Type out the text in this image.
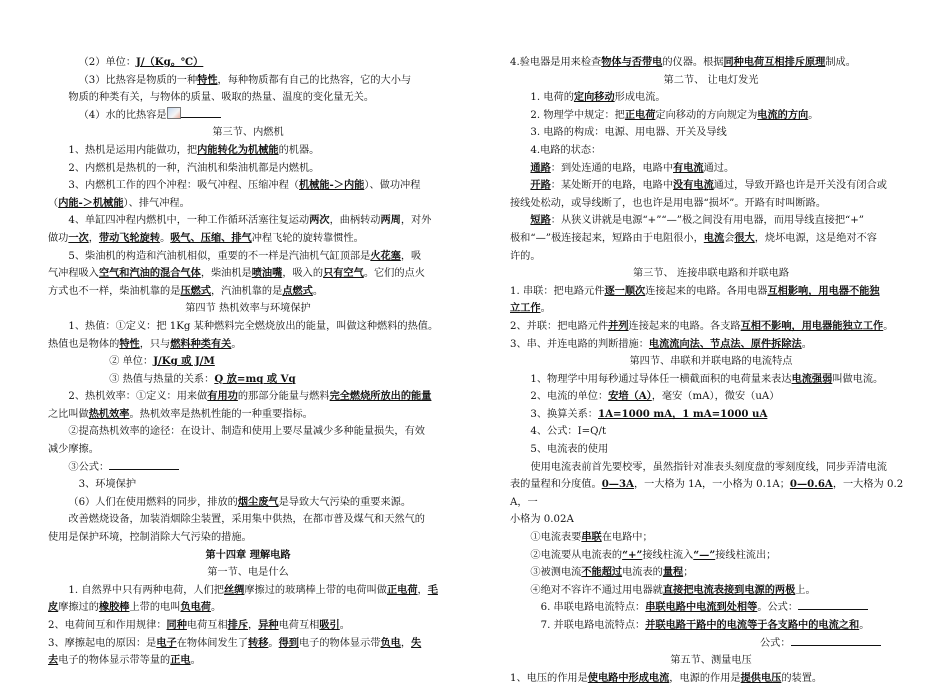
（2）单位：J/（Kg。℃）

（3）比热容是物质的一种特性，每种物质都有自己的比热容，它的大小与

物质的种类有关，与物体的质量、吸取的热量、温度的变化量无关。

（4）水的比热容是

第三节、内燃机

1、热机是运用内能做功，把内能转化为机械能的机器。

2、内燃机是热机的一种，汽油机和柴油机都是内燃机。

3、内燃机工作的四个冲程：吸气冲程、压缩冲程（机械能-＞内能）、做功冲程

（内能-＞机械能）、排气冲程。

4、单缸四冲程内燃机中，一种工作循环活塞往复运动两次，曲柄转动两周，对外

做功一次，带动飞轮旋转。吸气、压缩、排气冲程飞轮的旋转靠惯性。

5、柴油机的构造和汽油机相似，重要的不一样是汽油机气缸顶部是火花塞，吸

气冲程吸入空气和汽油的混合气体，柴油机是喷油嘴，吸入的只有空气。它们的点火

方式也不一样，柴油机靠的是压燃式，汽油机靠的是点燃式。

第四节 热机效率与环境保护

1、热值：①定义：把 1Kg 某种燃料完全燃烧放出的能量，叫做这种燃料的热值。

热值也是物体的特性，只与燃料种类有关。

② 单位：J/Kg 或 J/M

③ 热值与热量的关系：Q 放=mq 或 Vq

2、热机效率：①定义：用来做有用功的那部分能量与燃料完全燃烧所放出的能量

之比叫做热机效率。热机效率是热机性能的一种重要指标。

②提高热机效率的途径：在设计、制造和使用上要尽量减少多种能量损失，有效

减少摩擦。

③公式：

3、环境保护

（6）人们在使用燃料的同步，排放的烟尘废气是导致大气污染的重要来源。

改善燃烧设备，加装消烟除尘装置，采用集中供热，在都市普及煤气和天然气的

使用是保护环境，控制消除大气污染的措施。

第十四章 理解电路

第一节、电是什么

1. 自然界中只有两种电荷，人们把丝绸摩擦过的玻璃棒上带的电荷叫做正电荷，毛

皮摩擦过的橡胶棒上带的电叫负电荷。

2、电荷间互和作用规律：同种电荷互相排斥，异种电荷互相吸引。

3、摩擦起电的原因：是电子在物体间发生了转移。得到电子的物体显示带负电，失

去电子的物体显示带等量的正电。

4.验电器是用来检查物体与否带电的仪器。根据同种电荷互相排斥原理制成。

第二节、 让电灯发光

1. 电荷的定向移动形成电流。

2. 物理学中规定：把正电荷定向移动的方向规定为电流的方向。

3. 电路的构成：电源、用电器、开关及导线

4.电路的状态：

通路：到处连通的电路，电路中有电流通过。

开路：某处断开的电路，电路中没有电流通过，导致开路也许是开关没有闭合或

接线处松动，或导线断了，也也许是用电器“损坏”。开路有时叫断路。

短路：从狭义讲就是电源“+”“—”极之间没有用电器，而用导线直接把“+”

极和“—”极连接起来，短路由于电阻很小，电流会很大，烧坏电源，这是绝对不容

许的。

第三节、 连接串联电路和并联电路

1. 串联：把电路元件逐一顺次连接起来的电路。各用电器互相影响，用电器不能独

立工作。

2、并联：把电路元件并列连接起来的电路。各支路互相不影响，用电器能独立工作。

3、串、并连电路的判断措施：电流流向法、节点法、原件拆除法。

第四节、串联和并联电路的电流特点

1、物理学中用每秒通过导体任一横截面积的电荷量来表达电流强弱叫做电流。

2、电流的单位：安培（A），毫安（mA），微安（uA）

3、换算关系：1A=1000 mA，1 mA=1000 uA

4、公式：I=Q/t

5、电流表的使用

使用电流表前首先要校零，虽然指针对准表头刻度盘的零刻度线，同步弄清电流

表的量程和分度值。0—3A，一大格为 1A，一小格为 0.1A；0—0.6A，一大格为 0.2A，一

小格为 0.02A

①电流表要串联在电路中；

②电流要从电流表的“+”接线柱流入“—”接线柱流出；

③被测电流不能超过电流表的量程；

④绝对不容许不通过用电器就直接把电流表接到电源的两极上。

6. 串联电路电流特点：串联电路中电流到处相等。公式：

7. 并联电路电流特点：并联电路干路中的电流等于各支路中的电流之和。

公式：

第五节、测量电压

1、电压的作用是使电路中形成电流，电源的作用是提供电压的装置。
